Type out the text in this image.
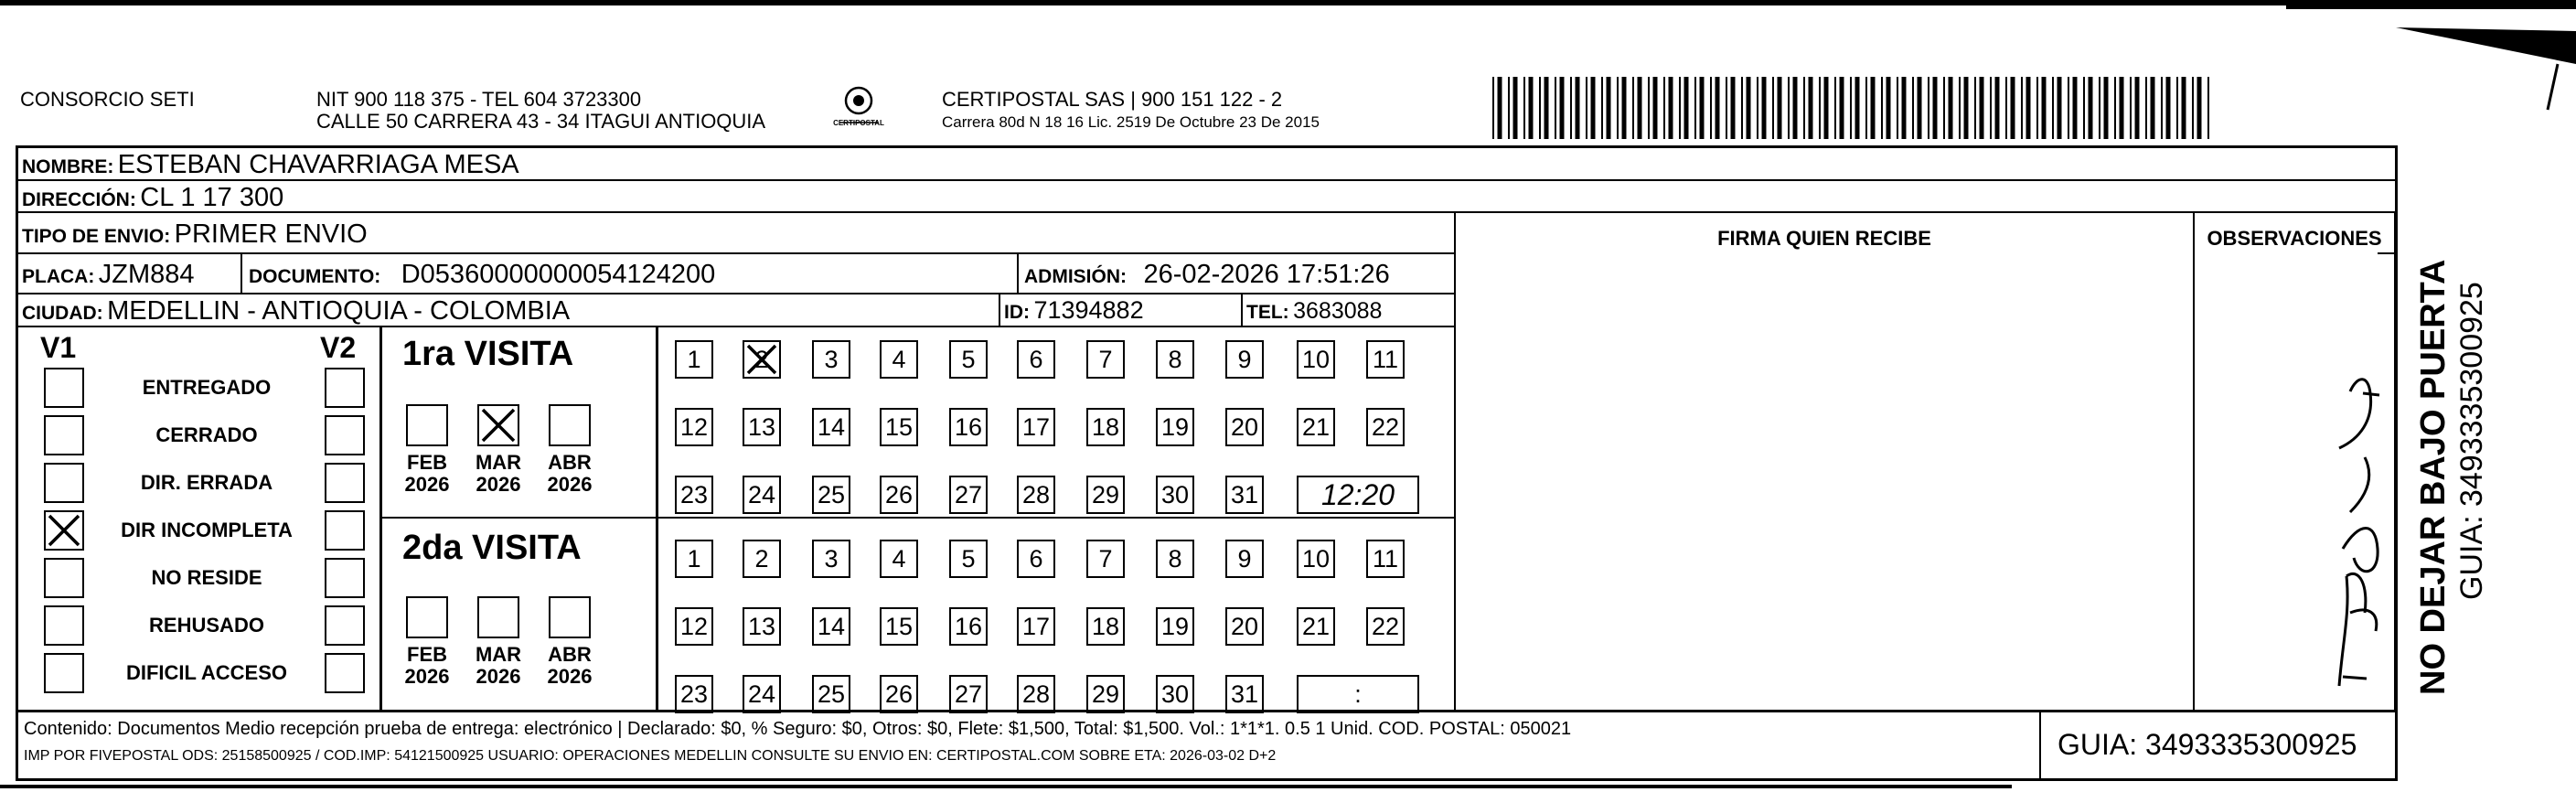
CONSORCIO SETI	NIT 900 118 375 - TEL 604 3723300
CALLE 50 CARRERA 43 - 34 ITAGUI ANTIOQUIA	CERTIPOSTAL
CERTIPOSTAL SAS | 900 151 122 - 2
Carrera 80d N 18 16 Lic. 2519 De Octubre 23 De 2015
NOMBRE: ESTEBAN CHAVARRIAGA MESA
DIRECCIÓN: CL 1 17 300
TIPO DE ENVIO: PRIMER ENVIO	FIRMA QUIEN RECIBE	OBSERVACIONES
PLACA: JZM884	DOCUMENTO: D05360000000054124200	ADMISIÓN: 26-02-2026 17:51:26
CIUDAD: MEDELLIN - ANTIOQUIA - COLOMBIA	ID: 71394882	TEL: 3683088
V1	V2
ENTREGADO
CERRADO
DIR. ERRADA
DIR INCOMPLETA
NO RESIDE
REHUSADO
DIFICIL ACCESO
1ra VISITA
2da VISITA
FEB
2026
MAR
2026
ABR
2026
1 2 3 4 5 6 7 8 9 10 11
12 13 14 15 16 17 18 19 20 21 22
23 24 25 26 27 28 29 30 31 12:20
FEB
2026
MAR
2026
ABR
2026
1 2 3 4 5 6 7 8 9 10 11
12 13 14 15 16 17 18 19 20 21 22
23 24 25 26 27 28 29 30 31	:	NO DEJAR BAJO PUERTA GUIA: 3493335300925
Contenido: Documentos Medio recepción prueba de entrega: electrónico | Declarado: $0, % Seguro: $0, Otros: $0, Flete: $1,500, Total: $1,500. Vol.: 1*1*1. 0.5 1 Unid. COD. POSTAL: 050021
IMP POR FIVEPOSTAL ODS: 25158500925 / COD.IMP: 54121500925 USUARIO: OPERACIONES MEDELLIN CONSULTE SU ENVIO EN: CERTIPOSTAL.COM SOBRE ETA: 2026-03-02 D+2	GUIA: 3493335300925
